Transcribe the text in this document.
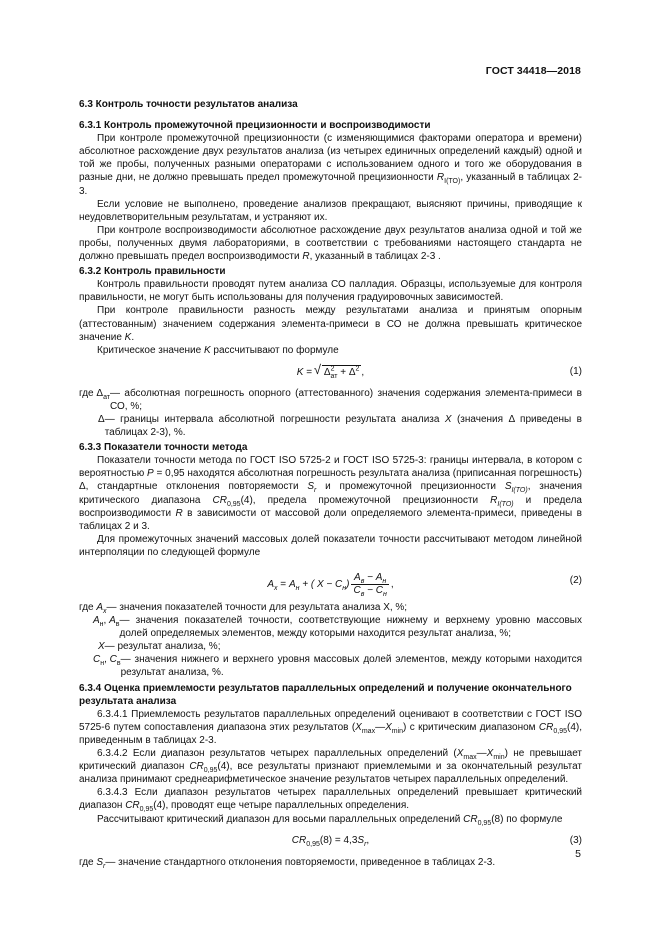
ГОСТ 34418—2018
6.3 Контроль точности результатов анализа
6.3.1 Контроль промежуточной прецизионности и воспроизводимости
При контроле промежуточной прецизионности (с изменяющимися факторами оператора и времени) абсолютное расхождение двух результатов анализа (из четырех единичных определений каждый) одной и той же пробы, полученных разными операторами с использованием одного и того же оборудования в разные дни, не должно превышать предел промежуточной прецизионности $R_{I(TO)}$, указанный в таблицах 2-3.
Если условие не выполнено, проведение анализов прекращают, выясняют причины, приводящие к неудовлетворительным результатам, и устраняют их.
При контроле воспроизводимости абсолютное расхождение двух результатов анализа одной и той же пробы, полученных двумя лабораториями, в соответствии с требованиями настоящего стандарта не должно превышать предел воспроизводимости R, указанный в таблицах 2-3 .
6.3.2 Контроль правильности
Контроль правильности проводят путем анализа СО палладия. Образцы, используемые для контроля правильности, не могут быть использованы для получения градуировочных зависимостей.
При контроле правильности разность между результатами анализа и принятым опорным (аттестованным) значением содержания элемента-примеси в СО не должна превышать критическое значение K.
Критическое значение K рассчитывают по формуле
K = √ $\Delta^2_{ат} + \Delta^2$ ,	(1)
где $\Delta_{ат}$ — абсолютная погрешность опорного (аттестованного) значения содержания элемента-примеси в СО, %;
Δ — границы интервала абсолютной погрешности результата анализа X (значения Δ приведены в таблицах 2-3), %.
6.3.3 Показатели точности метода
Показатели точности метода по ГОСТ ISO 5725-2 и ГОСТ ISO 5725-3: границы интервала, в котором с вероятностью P = 0,95 находятся абсолютная погрешность результата анализа (приписанная погрешность) Δ, стандартные отклонения повторяемости $S_r$ и промежуточной прецизионности $S_{I(TO)}$, значения критического диапазона $CR_{0,95}(4)$, предела промежуточной прецизионности $R_{I(TO)}$ и предела воспроизводимости R в зависимости от массовой доли определяемого элемента-примеси, приведены в таблицах 2 и 3.
Для промежуточных значений массовых долей показатели точности рассчитывают методом линейной интерполяции по следующей формуле
$A_x = A_н$ + ( $X - C_н) \frac{A_в - A_н}{C_в - C_н}$ ,	(2)
где $A_x$ — значения показателей точности для результата анализа X, %;
$A_н$, $A_в$ — значения показателей точности, соответствующие нижнему и верхнему уровню массовых долей определяемых элементов, между которыми находится результат анализа, %;
X — результат анализа, %;
$C_н$, $C_в$ — значения нижнего и верхнего уровня массовых долей элементов, между которыми находится результат анализа, %.
6.3.4 Оценка приемлемости результатов параллельных определений и получение окончательного результата анализа
6.3.4.1 Приемлемость результатов параллельных определений оценивают в соответствии с ГОСТ ISO 5725-6 путем сопоставления диапазона этих результатов $(X_{max}—X_{min})$ с критическим диапазоном $CR_{0,95}(4)$, приведенным в таблицах 2-3.
6.3.4.2 Если диапазон результатов четырех параллельных определений $(X_{max}—X_{min})$ не превышает критический диапазон $CR_{0,95}(4)$, все результаты признают приемлемыми и за окончательный результат анализа принимают среднеарифметическое значение результатов четырех параллельных определений.
6.3.4.3 Если диапазон результатов четырех параллельных определений превышает критический диапазон $CR_{0,95}(4)$, проводят еще четыре параллельных определения.
Рассчитывают критический диапазон для восьми параллельных определений $CR_{0,95}(8)$ по формуле
$CR_{0,95}(8) = 4,3S_r$,	(3)
где $S_r$ — значение стандартного отклонения повторяемости, приведенное в таблицах 2-3.
5
